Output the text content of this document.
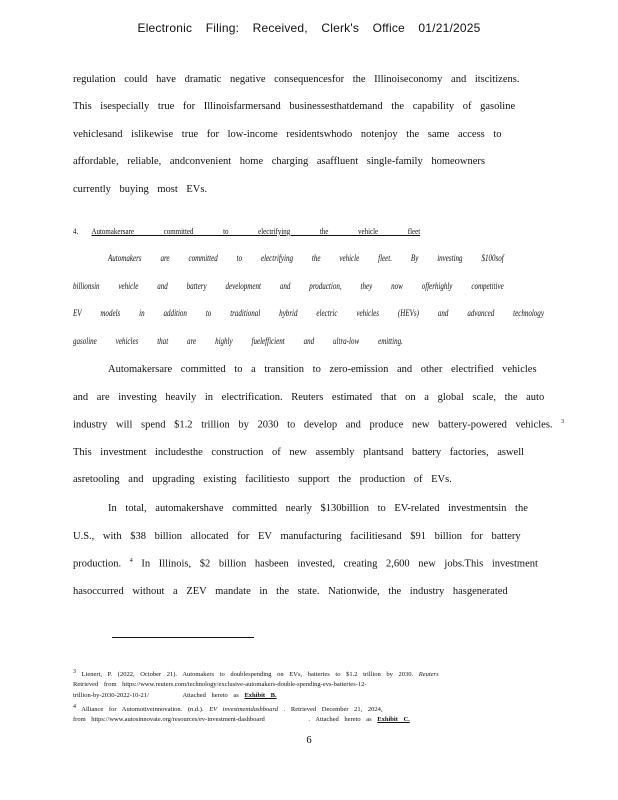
Electronic Filing: Received, Clerk's Office 01/21/2025
regulation could have dramatic negative consequencesfor the Illinoiseconomy and itscitizens.
This isespecially true for Illinoisfarmersand businessesthatdemand the capability of gasoline
vehiclesand islikewise true for low-income residentswhodo notenjoy the same access to
affordable, reliable, andconvenient home charging asaffluent single-family homeowners
currently buying most EVs.
4. Automakersare committed to electrifying the vehicle fleet
Automakers are committed to electrifying the vehicle fleet. By investing $100sof
billionsin vehicle and battery development and production, they now offerhighly competitive
EV models in addition to traditional hybrid electric vehicles (HEVs) and advanced technology
gasoline vehicles that are highly fuelefficient and ultra-low emitting.
Automakersare committed to a transition to zero-emission and other electrified vehicles
and are investing heavily in electrification. Reuters estimated that on a global scale, the auto
industry will spend $1.2 trillion by 2030 to develop and produce new battery-powered vehicles. $^3$
This investment includesthe construction of new assembly plantsand battery factories, aswell
asretooling and upgrading existing facilitiesto support the production of EVs.
In total, automakershave committed nearly $130billion to EV-related investmentsin the
U.S., with $38 billion allocated for EV manufacturing facilitiesand $91 billion for battery
production. $^4$ In Illinois, $2 billion hasbeen invested, creating 2,600 new jobs.This investment
hasoccurred without a ZEV mandate in the state. Nationwide, the industry hasgenerated
3 Lienert, P. (2022, October 21). Automakers to doublespending on EVs, batteries to $1.2 trillion by 2030. Reuters
Retrieved from https://www.reuters.com/technology/exclusive-automakers-double-spending-evs-batteries-12-
trillion-by-2030-2022-10-21/	Attached hereto as Exhibit B.
4 Alliance for Automotiveinnovation. (n.d.). EV investmentdashboard . Retrieved December 21, 2024,
from https://www.autosinnovate.org/resources/ev-investment-dashboard	. Attached hereto as Exhibit C.
6
